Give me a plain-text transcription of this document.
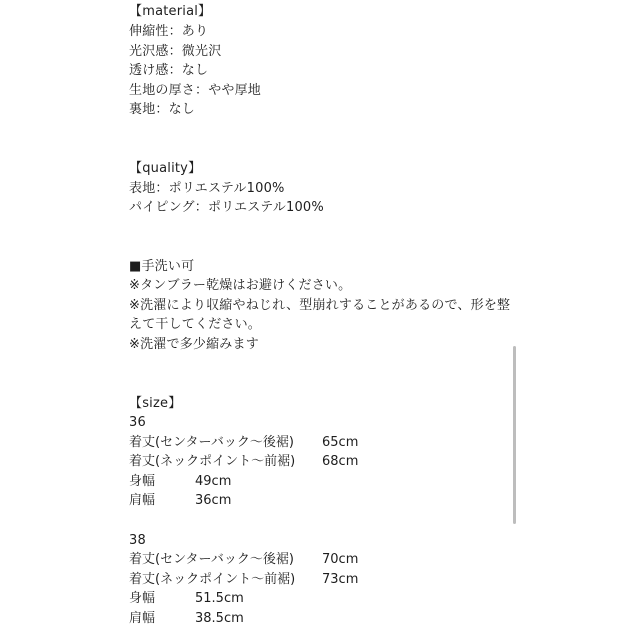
【material】
伸縮性：あり
光沢感：微光沢
透け感：なし
生地の厚さ：やや厚地
裏地：なし
【quality】
表地：ポリエステル100%
パイピング：ポリエステル100%
■手洗い可
※タンブラー乾燥はお避けください。
※洗濯により収縮やねじれ、型崩れすることがあるので、形を整
えて干してください。
※洗濯で多少縮みます
【size】
36
着丈(センターバック〜後裾) 65cm
着丈(ネックポイント〜前裾) 68cm
身幅	49cm
肩幅	36cm
38
着丈(センターバック〜後裾) 70cm
着丈(ネックポイント〜前裾) 73cm
身幅	51.5cm
肩幅	38.5cm
